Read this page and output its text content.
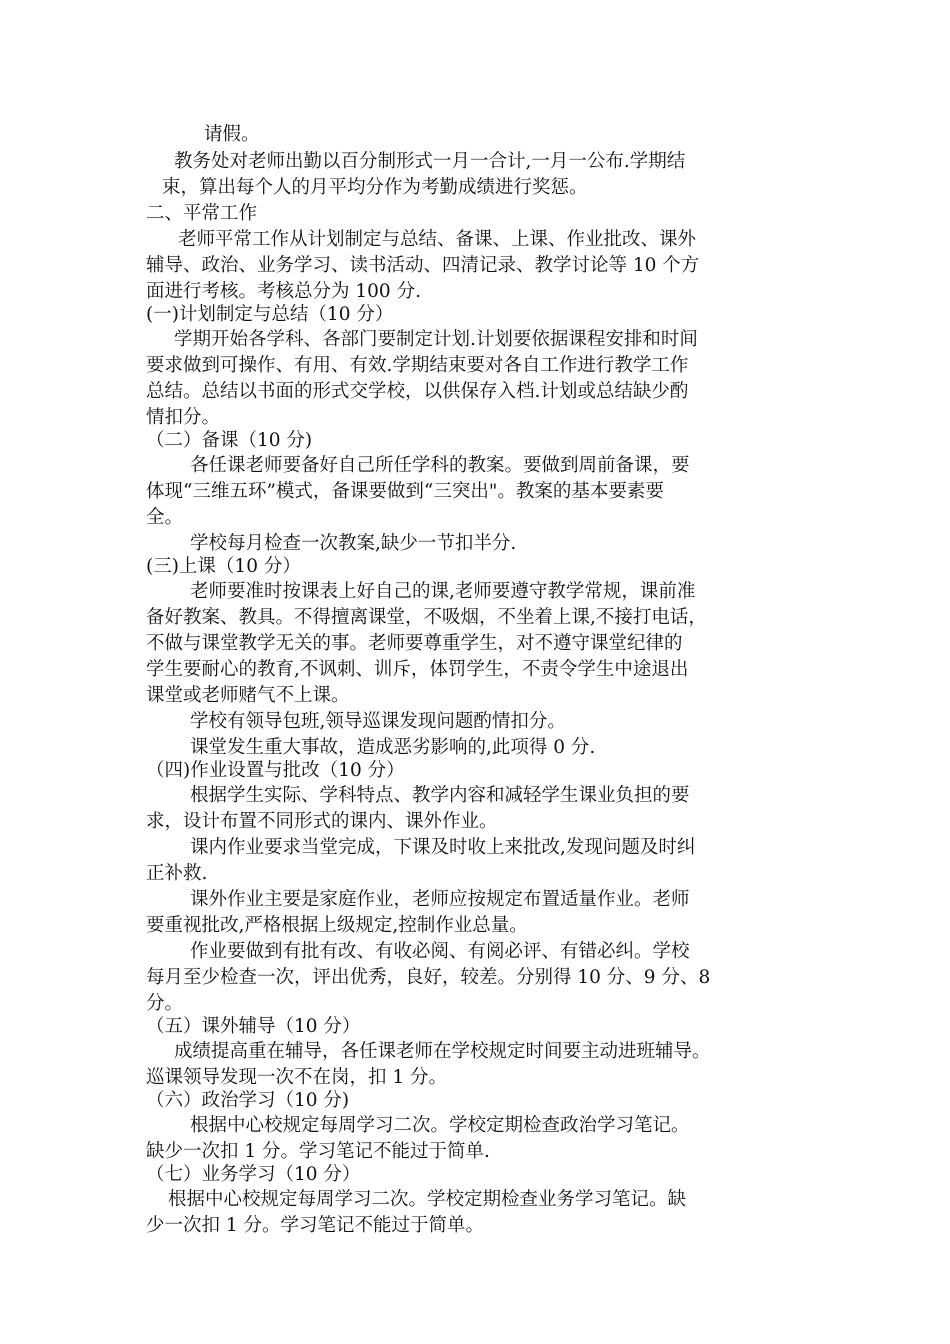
请假。
教务处对老师出勤以百分制形式一月一合计,一月一公布.学期结
束，算出每个人的月平均分作为考勤成绩进行奖惩。
二、平常工作
老师平常工作从计划制定与总结、备课、上课、作业批改、课外
辅导、政治、业务学习、读书活动、四清记录、教学讨论等 10 个方
面进行考核。考核总分为 100 分.
(一)计划制定与总结（10 分）
学期开始各学科、各部门要制定计划.计划要依据课程安排和时间
要求做到可操作、有用、有效.学期结束要对各自工作进行教学工作
总结。总结以书面的形式交学校，以供保存入档.计划或总结缺少酌
情扣分。
（二）备课（10 分)
各任课老师要备好自己所任学科的教案。要做到周前备课，要
体现“三维五环”模式，备课要做到“三突出"。教案的基本要素要
全。
学校每月检查一次教案,缺少一节扣半分.
(三)上课（10 分）
老师要准时按课表上好自己的课,老师要遵守教学常规，课前准
备好教案、教具。不得擅离课堂，不吸烟，不坐着上课,不接打电话，
不做与课堂教学无关的事。老师要尊重学生，对不遵守课堂纪律的
学生要耐心的教育,不讽刺、训斥，体罚学生，不责令学生中途退出
课堂或老师赌气不上课。
学校有领导包班,领导巡课发现问题酌情扣分。
课堂发生重大事故，造成恶劣影响的,此项得 0 分.
（四)作业设置与批改（10 分）
根据学生实际、学科特点、教学内容和减轻学生课业负担的要
求，设计布置不同形式的课内、课外作业。
课内作业要求当堂完成，下课及时收上来批改,发现问题及时纠
正补救.
课外作业主要是家庭作业，老师应按规定布置适量作业。老师
要重视批改,严格根据上级规定,控制作业总量。
作业要做到有批有改、有收必阅、有阅必评、有错必纠。学校
每月至少检查一次，评出优秀，良好，较差。分别得 10 分、9 分、8
分。
（五）课外辅导（10 分）
成绩提高重在辅导，各任课老师在学校规定时间要主动进班辅导。
巡课领导发现一次不在岗，扣 1 分。
（六）政治学习（10 分)
根据中心校规定每周学习二次。学校定期检查政治学习笔记。
缺少一次扣 1 分。学习笔记不能过于简单.
（七）业务学习（10 分）
根据中心校规定每周学习二次。学校定期检查业务学习笔记。缺
少一次扣 1 分。学习笔记不能过于简单。
